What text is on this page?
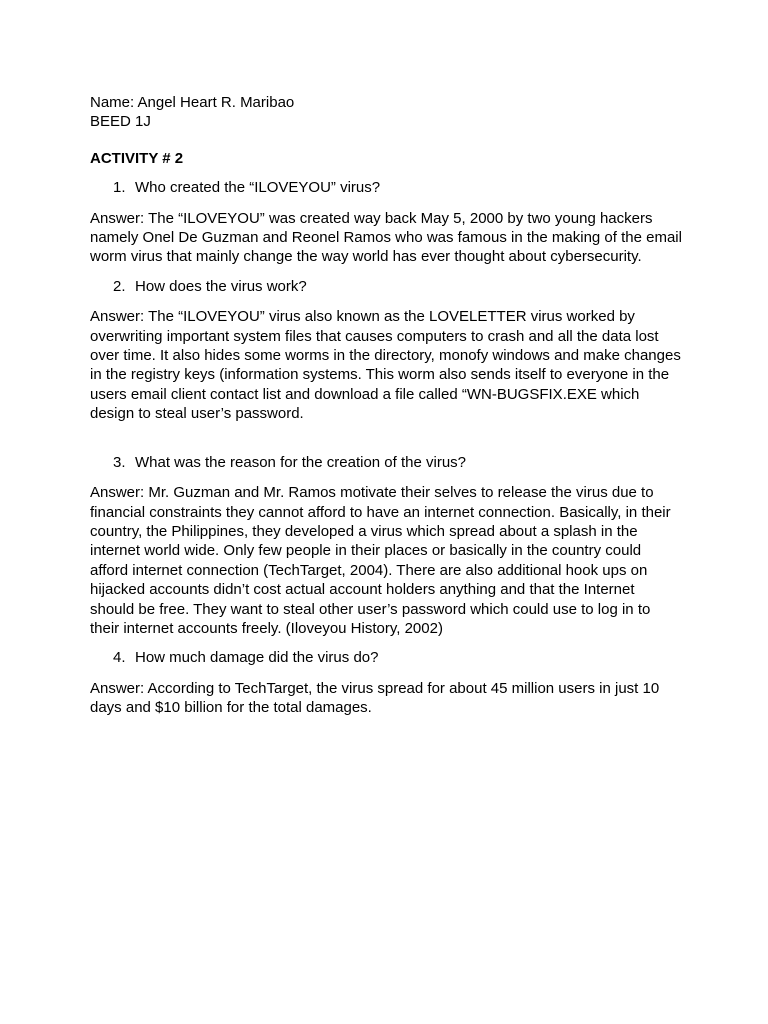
Name: Angel Heart R. Maribao
BEED 1J
ACTIVITY # 2
1. Who created the “ILOVEYOU” virus?

Answer: The “ILOVEYOU” was created way back May 5, 2000 by two young hackers namely Onel De Guzman and Reonel Ramos who was famous in the making of the email worm virus that mainly change the way world has ever thought about cybersecurity.

2. How does the virus work?

Answer: The “ILOVEYOU” virus also known as the LOVELETTER virus worked by overwriting important system files that causes computers to crash and all the data lost over time. It also hides some worms in the directory, monofy windows and make changes in the registry keys (information systems. This worm also sends itself to everyone in the users email client contact list and download a file called “WN-BUGSFIX.EXE which design to steal user’s password.

3. What was the reason for the creation of the virus?

Answer: Mr. Guzman and Mr. Ramos motivate their selves to release the virus due to financial constraints they cannot afford to have an internet connection. Basically, in their country, the Philippines, they developed a virus which spread about a splash in the internet world wide. Only few people in their places or basically in the country could afford internet connection (TechTarget, 2004). There are also additional hook ups on hijacked accounts didn’t cost actual account holders anything and that the Internet should be free. They want to steal other user’s password which could use to log in to their internet accounts freely. (Iloveyou History, 2002)

4. How much damage did the virus do?

Answer: According to TechTarget, the virus spread for about 45 million users in just 10 days and $10 billion for the total damages.
